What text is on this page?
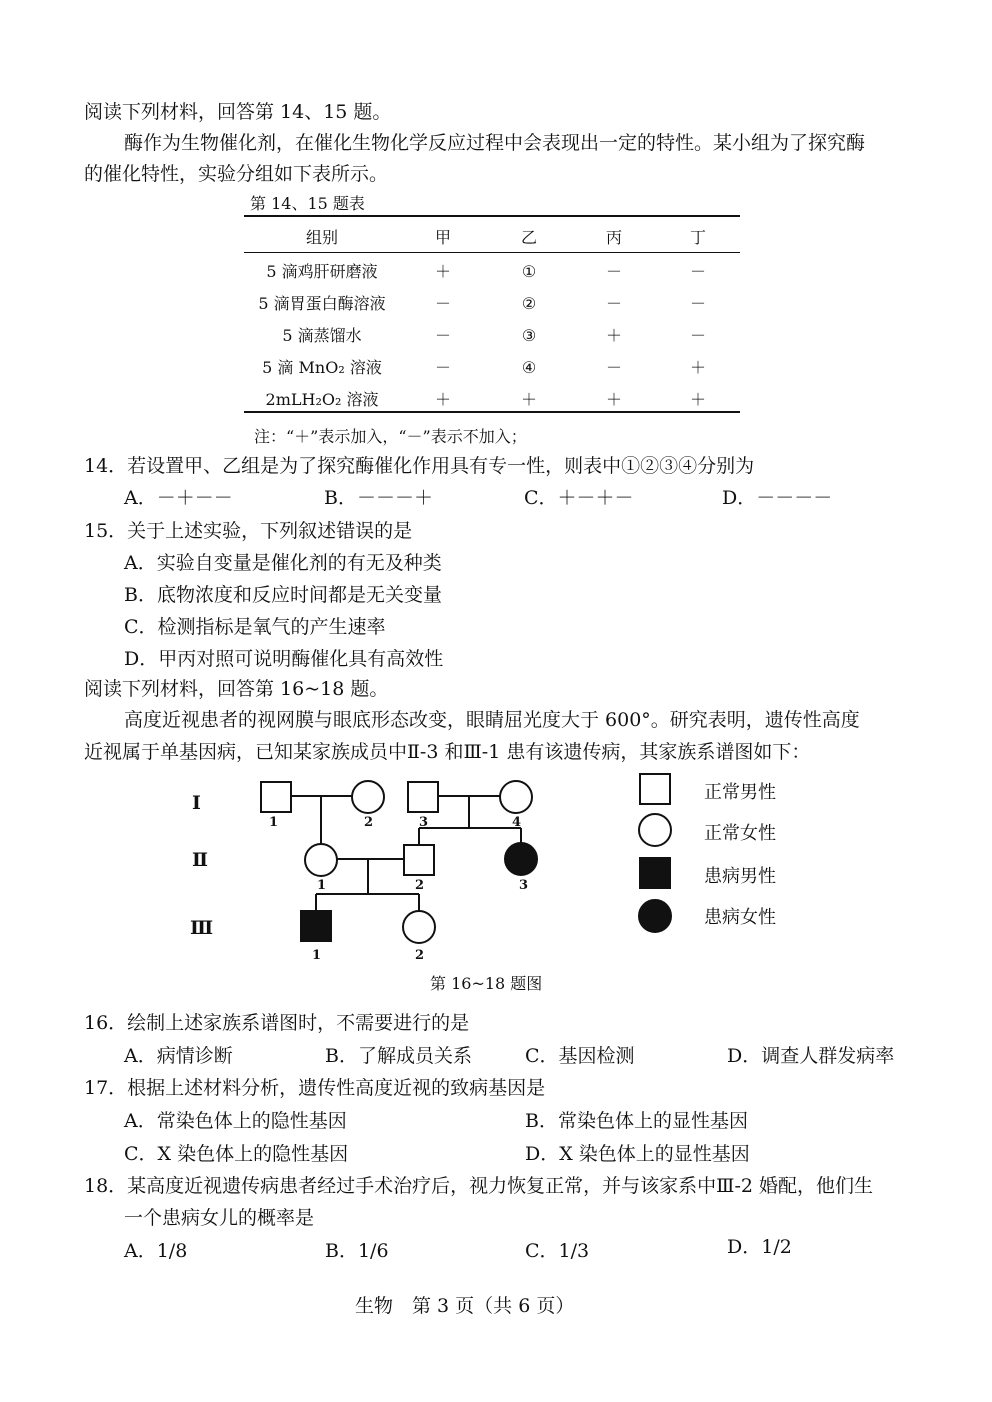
阅读下列材料，回答第 14、15 题。
酶作为生物催化剂，在催化生物化学反应过程中会表现出一定的特性。某小组为了探究酶
的催化特性，实验分组如下表所示。
第 14、15 题表
组别	甲	乙	丙	丁
5 滴鸡肝研磨液	＋	①	－	－
5 滴胃蛋白酶溶液	－	②	－	－
5 滴蒸馏水	－	③	＋	－
5 滴 MnO₂ 溶液	－	④	－	＋
2mLH₂O₂ 溶液	＋	＋	＋	＋
注：“＋”表示加入，“－”表示不加入；
14．若设置甲、乙组是为了探究酶催化作用具有专一性，则表中①②③④分别为
A．－＋－－	B．－－－＋	C．＋－＋－	D．－－－－
15．关于上述实验，下列叙述错误的是
A．实验自变量是催化剂的有无及种类
B．底物浓度和反应时间都是无关变量
C．检测指标是氧气的产生速率
D．甲丙对照可说明酶催化具有高效性
阅读下列材料，回答第 16~18 题。
高度近视患者的视网膜与眼底形态改变，眼睛屈光度大于 600°。研究表明，遗传性高度
近视属于单基因病，已知某家族成员中Ⅱ-3 和Ⅲ-1 患有该遗传病，其家族系谱图如下：
Ⅰ
Ⅱ
Ⅲ
1	2	3	4
1	2	3
1	2
正常男性
正常女性
患病男性
患病女性
第 16~18 题图
16．绘制上述家族系谱图时，不需要进行的是
A．病情诊断	B．了解成员关系	C．基因检测	D．调查人群发病率
17．根据上述材料分析，遗传性高度近视的致病基因是
A．常染色体上的隐性基因	B．常染色体上的显性基因
C．X 染色体上的隐性基因	D．X 染色体上的显性基因
18．某高度近视遗传病患者经过手术治疗后，视力恢复正常，并与该家系中Ⅲ-2 婚配，他们生
一个患病女儿的概率是
A．1/8	B．1/6	C．1/3	D．1/2
生物　第 3 页（共 6 页）
